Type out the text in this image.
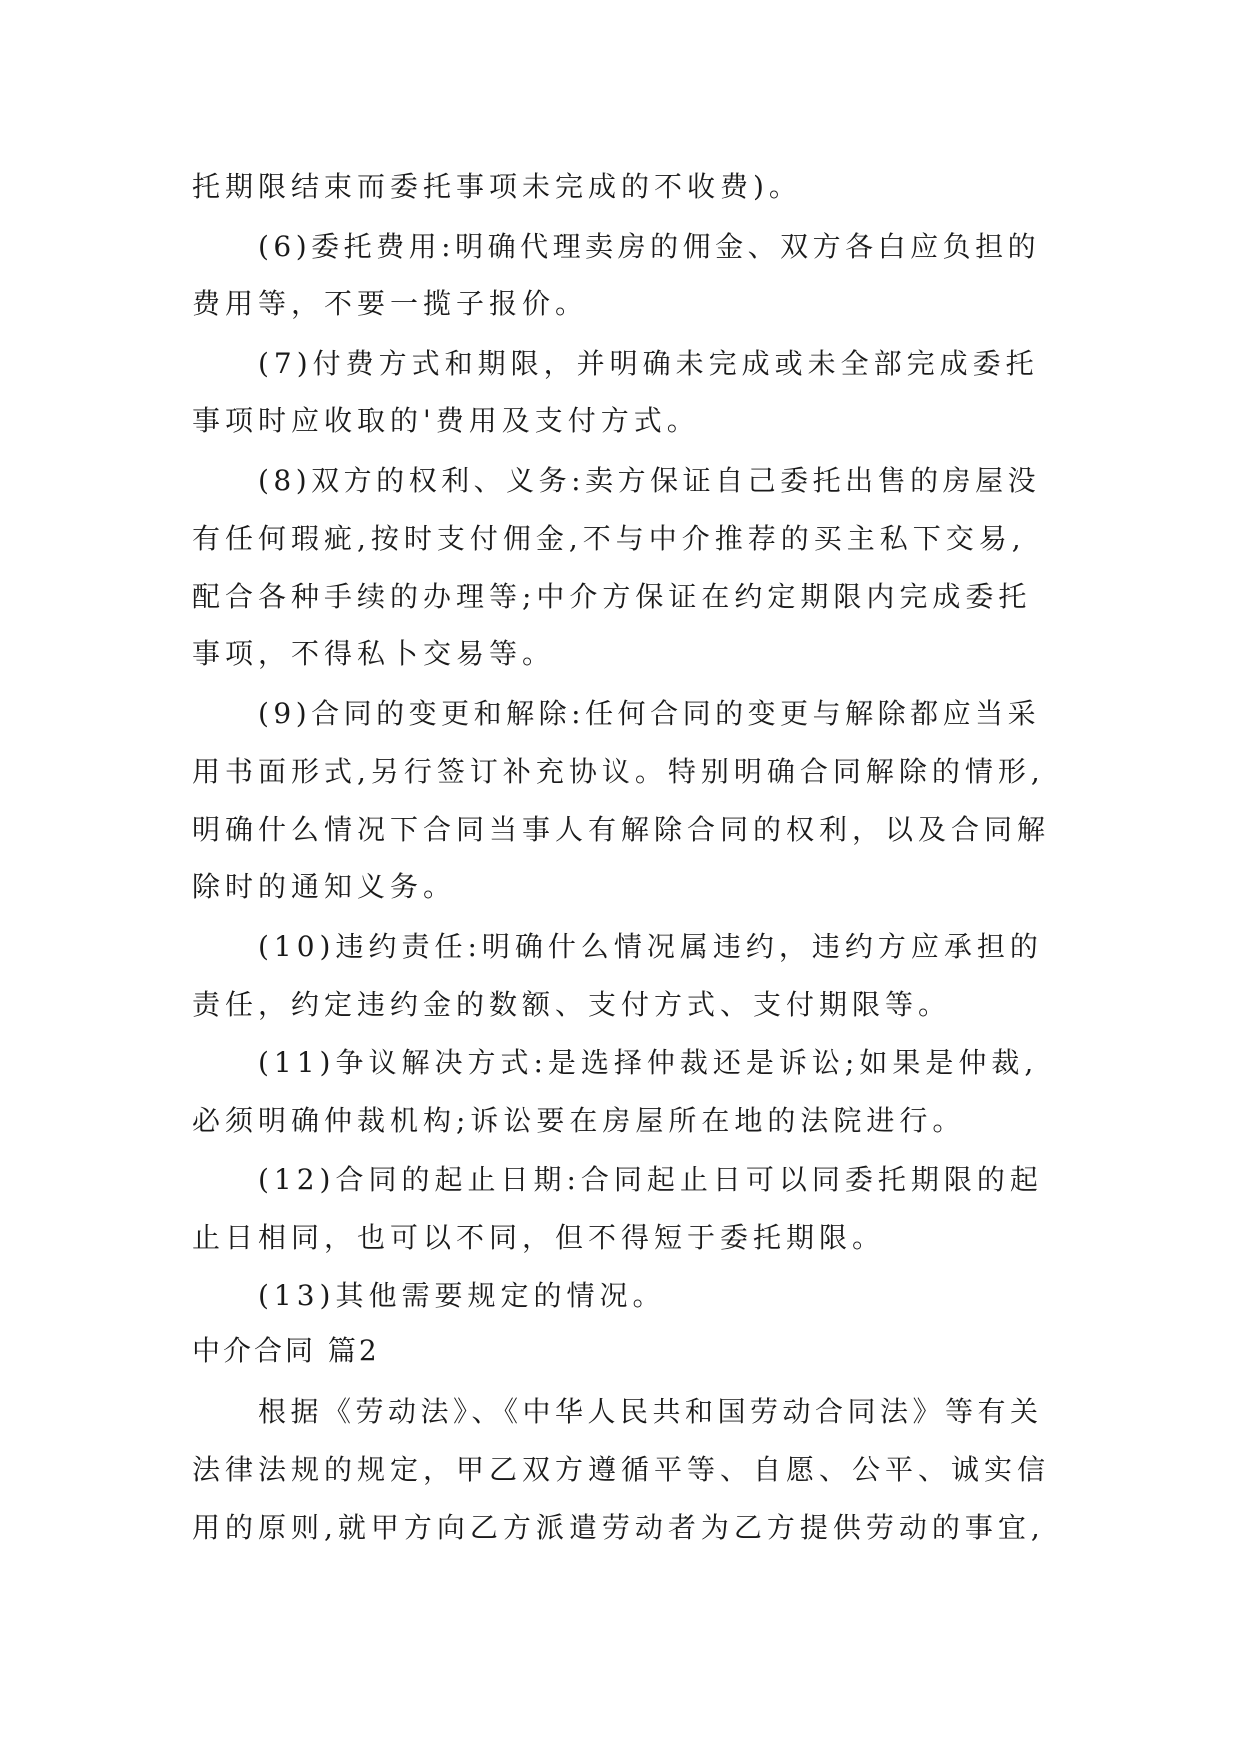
托期限结束而委托事项未完成的不收费)。
(6)委托费用:明确代理卖房的佣金、双方各白应负担的
费用等，不要一揽子报价。
(7)付费方式和期限，并明确未完成或未全部完成委托
事项时应收取的'费用及支付方式。
(8)双方的权利、义务:卖方保证自己委托出售的房屋没
有任何瑕疵,按时支付佣金,不与中介推荐的买主私下交易,
配合各种手续的办理等;中介方保证在约定期限内完成委托
事项，不得私卜交易等。
(9)合同的变更和解除:任何合同的变更与解除都应当采
用书面形式,另行签订补充协议。特别明确合同解除的情形,
明确什么情况下合同当事人有解除合同的权利，以及合同解
除时的通知义务。
(10)违约责任:明确什么情况属违约，违约方应承担的
责任，约定违约金的数额、支付方式、支付期限等。
(11)争议解决方式:是选择仲裁还是诉讼;如果是仲裁,
必须明确仲裁机构;诉讼要在房屋所在地的法院进行。
(12)合同的起止日期:合同起止日可以同委托期限的起
止日相同，也可以不同，但不得短于委托期限。
(13)其他需要规定的情况。
中介合同 篇2
根据《劳动法》、《中华人民共和国劳动合同法》等有关
法律法规的规定，甲乙双方遵循平等、自愿、公平、诚实信
用的原则,就甲方向乙方派遣劳动者为乙方提供劳动的事宜,
